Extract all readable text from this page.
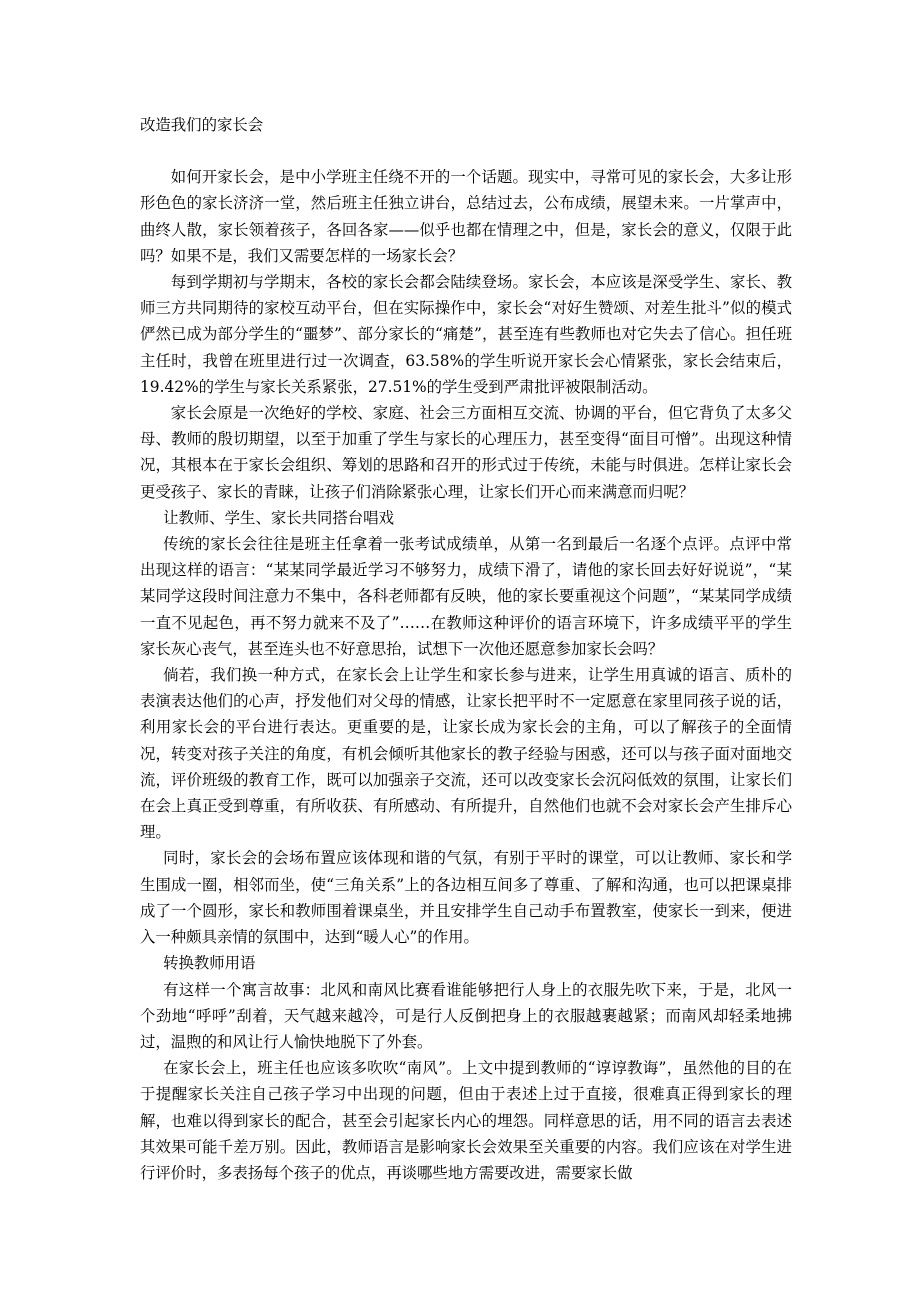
改造我们的家长会

如何开家长会，是中小学班主任绕不开的一个话题。现实中，寻常可见的家长会，大多让形形色色的家长济济一堂，然后班主任独立讲台，总结过去，公布成绩，展望未来。一片掌声中，曲终人散，家长领着孩子，各回各家——似乎也都在情理之中，但是，家长会的意义，仅限于此吗？如果不是，我们又需要怎样的一场家长会？

每到学期初与学期末，各校的家长会都会陆续登场。家长会，本应该是深受学生、家长、教师三方共同期待的家校互动平台，但在实际操作中，家长会“对好生赞颂、对差生批斗”似的模式俨然已成为部分学生的“噩梦”、部分家长的“痛楚”，甚至连有些教师也对它失去了信心。担任班主任时，我曾在班里进行过一次调查，63.58%的学生听说开家长会心情紧张，家长会结束后，19.42%的学生与家长关系紧张，27.51%的学生受到严肃批评被限制活动。

家长会原是一次绝好的学校、家庭、社会三方面相互交流、协调的平台，但它背负了太多父母、教师的殷切期望，以至于加重了学生与家长的心理压力，甚至变得“面目可憎”。出现这种情况，其根本在于家长会组织、筹划的思路和召开的形式过于传统，未能与时俱进。怎样让家长会更受孩子、家长的青睐，让孩子们消除紧张心理，让家长们开心而来满意而归呢？

让教师、学生、家长共同搭台唱戏

传统的家长会往往是班主任拿着一张考试成绩单，从第一名到最后一名逐个点评。点评中常出现这样的语言：“某某同学最近学习不够努力，成绩下滑了，请他的家长回去好好说说”，“某某同学这段时间注意力不集中，各科老师都有反映，他的家长要重视这个问题”，“某某同学成绩一直不见起色，再不努力就来不及了”……在教师这种评价的语言环境下，许多成绩平平的学生家长灰心丧气，甚至连头也不好意思抬，试想下一次他还愿意参加家长会吗？

倘若，我们换一种方式，在家长会上让学生和家长参与进来，让学生用真诚的语言、质朴的表演表达他们的心声，抒发他们对父母的情感，让家长把平时不一定愿意在家里同孩子说的话，利用家长会的平台进行表达。更重要的是，让家长成为家长会的主角，可以了解孩子的全面情况，转变对孩子关注的角度，有机会倾听其他家长的教子经验与困惑，还可以与孩子面对面地交流，评价班级的教育工作，既可以加强亲子交流，还可以改变家长会沉闷低效的氛围，让家长们在会上真正受到尊重，有所收获、有所感动、有所提升，自然他们也就不会对家长会产生排斥心理。

同时，家长会的会场布置应该体现和谐的气氛，有别于平时的课堂，可以让教师、家长和学生围成一圈，相邻而坐，使“三角关系”上的各边相互间多了尊重、了解和沟通，也可以把课桌排成了一个圆形，家长和教师围着课桌坐，并且安排学生自己动手布置教室，使家长一到来，便进入一种颇具亲情的氛围中，达到“暖人心”的作用。

转换教师用语

有这样一个寓言故事：北风和南风比赛看谁能够把行人身上的衣服先吹下来，于是，北风一个劲地“呼呼”刮着，天气越来越冷，可是行人反倒把身上的衣服越裹越紧；而南风却轻柔地拂过，温煦的和风让行人愉快地脱下了外套。

在家长会上，班主任也应该多吹吹“南风”。上文中提到教师的“谆谆教诲”，虽然他的目的在于提醒家长关注自己孩子学习中出现的问题，但由于表述上过于直接，很难真正得到家长的理解，也难以得到家长的配合，甚至会引起家长内心的埋怨。同样意思的话，用不同的语言去表述其效果可能千差万别。因此，教师语言是影响家长会效果至关重要的内容。我们应该在对学生进行评价时，多表扬每个孩子的优点，再谈哪些地方需要改进，需要家长做
